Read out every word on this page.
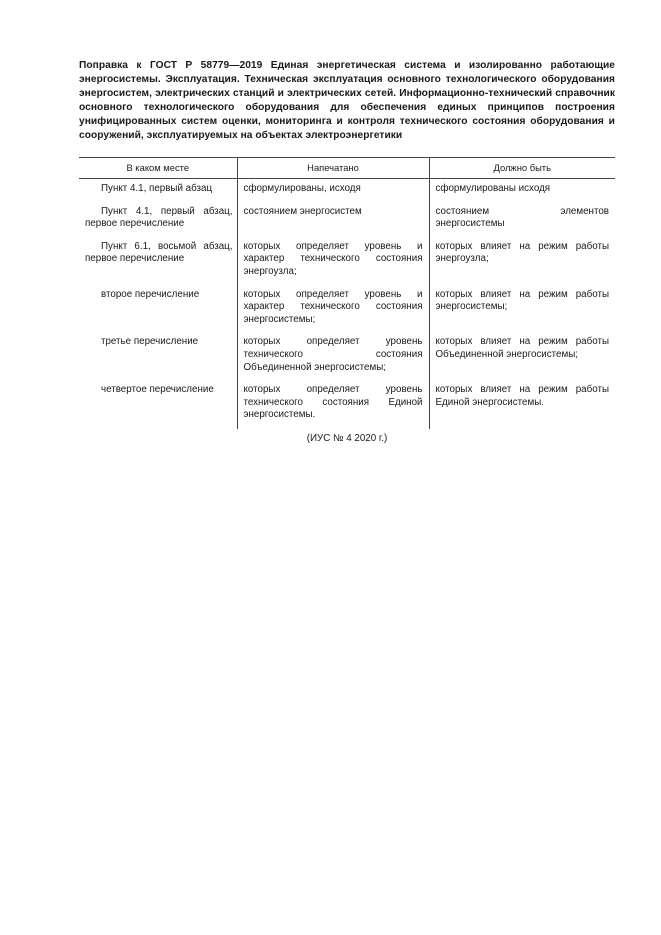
Поправка к ГОСТ Р 58779—2019 Единая энергетическая система и изолированно работающие энергосистемы. Эксплуатация. Техническая эксплуатация основного технологического оборудования энергосистем, электрических станций и электрических сетей. Информационно-технический справочник основного технологического оборудования для обеспечения единых принципов построения унифицированных систем оценки, мониторинга и контроля технического состояния оборудования и сооружений, эксплуатируемых на объектах электроэнергетики
В каком месте	Напечатано	Должно быть
Пункт 4.1, первый абзац	сформулированы, исходя	сформулированы исходя
Пункт 4.1, первый абзац, первое перечисление	состоянием энергосистем	состоянием элементов энергосистемы
Пункт 6.1, восьмой абзац, первое перечисление	которых определяет уровень и характер технического состояния энергоузла;	которых влияет на режим работы энергоузла;
второе перечисление	которых определяет уровень и характер технического состояния энергосистемы;	которых влияет на режим работы энергосистемы;
третье перечисление	которых определяет уровень технического состояния Объединенной энергосистемы;	которых влияет на режим работы Объединенной энергосистемы;
четвертое перечисление	которых определяет уровень технического состояния Единой энергосистемы.	которых влияет на режим работы Единой энергосистемы.
(ИУС № 4 2020 г.)
